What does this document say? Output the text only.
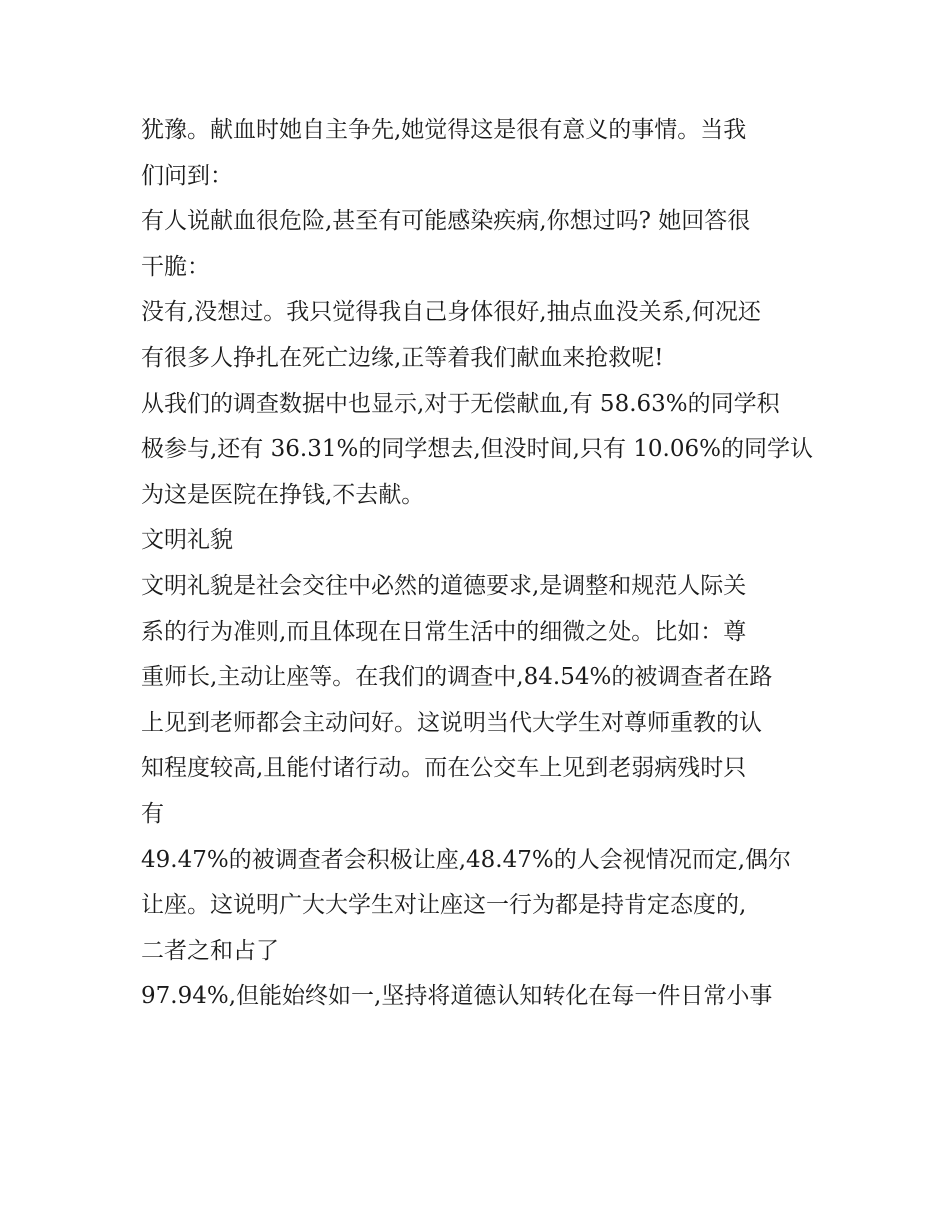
犹豫。献血时她自主争先,她觉得这是很有意义的事情。当我
们问到：
有人说献血很危险,甚至有可能感染疾病,你想过吗? 她回答很
干脆：
没有,没想过。我只觉得我自己身体很好,抽点血没关系,何况还
有很多人挣扎在死亡边缘,正等着我们献血来抢救呢!
从我们的调查数据中也显示,对于无偿献血,有 58.63%的同学积
极参与,还有 36.31%的同学想去,但没时间,只有 10.06%的同学认
为这是医院在挣钱,不去献。
文明礼貌
文明礼貌是社会交往中必然的道德要求,是调整和规范人际关
系的行为准则,而且体现在日常生活中的细微之处。比如：尊
重师长,主动让座等。在我们的调查中,84.54%的被调查者在路
上见到老师都会主动问好。这说明当代大学生对尊师重教的认
知程度较高,且能付诸行动。而在公交车上见到老弱病残时只
有
49.47%的被调查者会积极让座,48.47%的人会视情况而定,偶尔
让座。这说明广大大学生对让座这一行为都是持肯定态度的,
二者之和占了
97.94%,但能始终如一,坚持将道德认知转化在每一件日常小事
